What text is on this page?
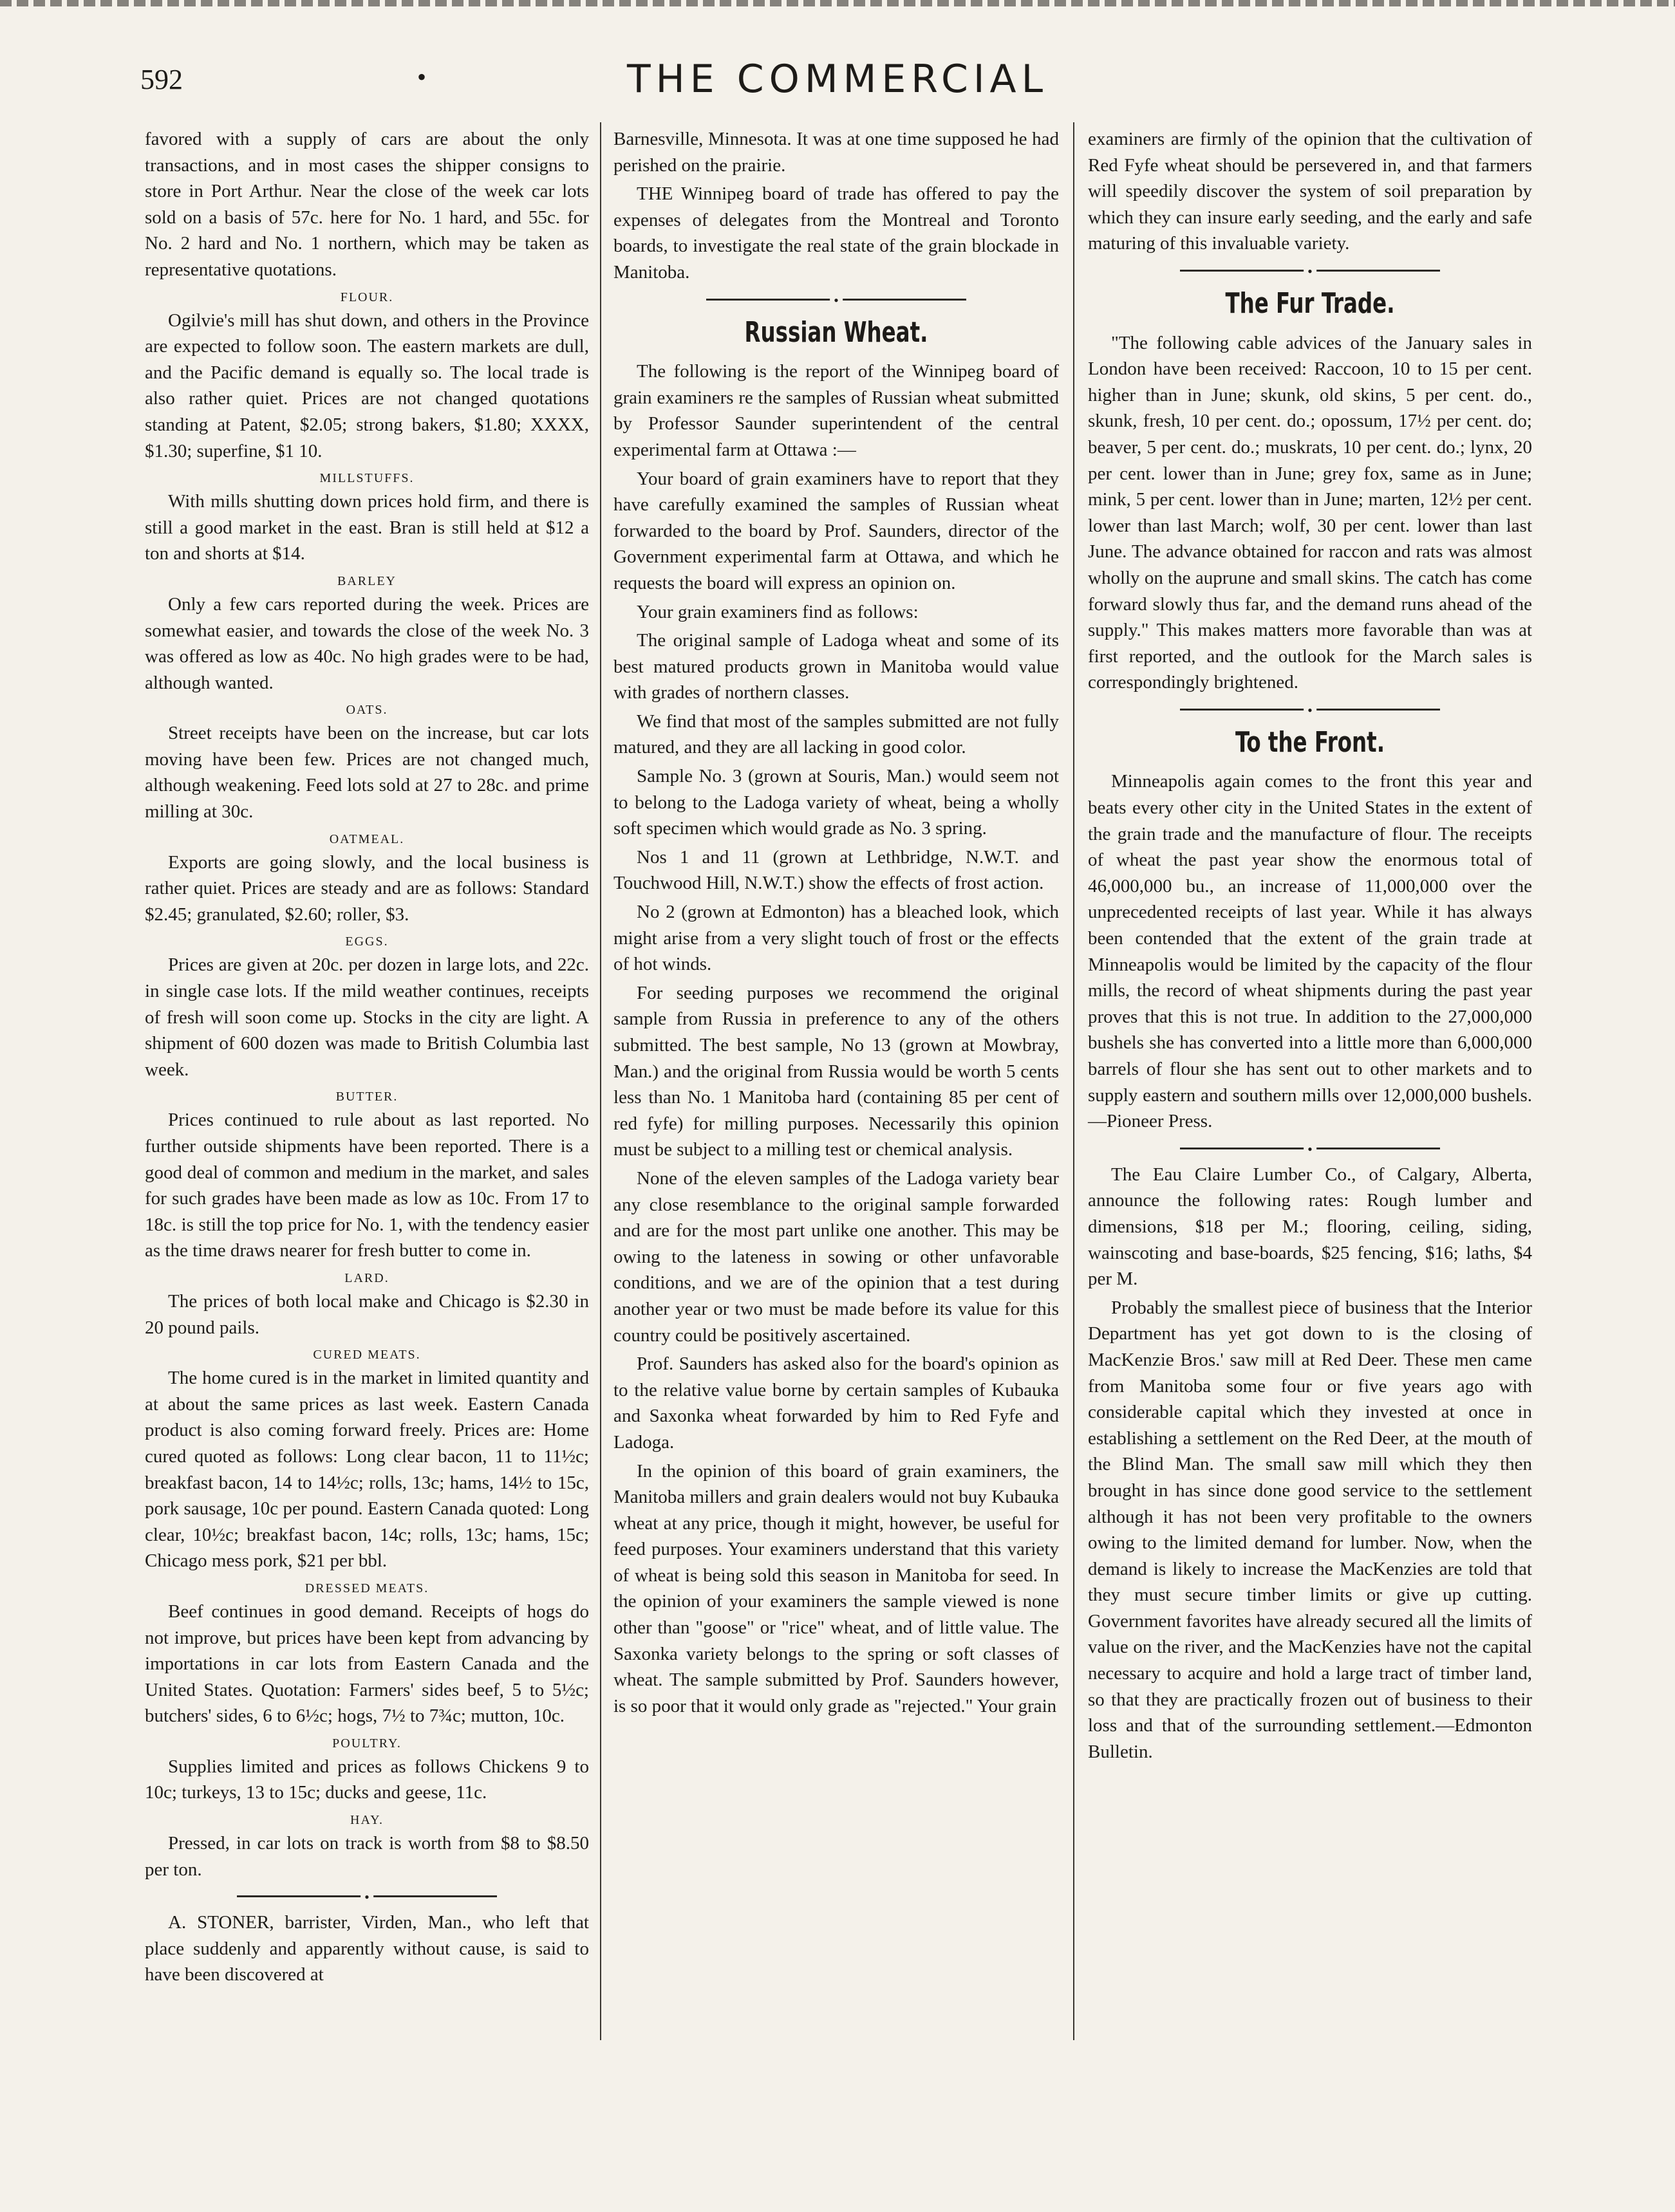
592	•	THE COMMERCIAL

favored with a supply of cars are about the only transactions, and in most cases the shipper consigns to store in Port Arthur. Near the close of the week car lots sold on a basis of 57c. here for No. 1 hard, and 55c. for No. 2 hard and No. 1 northern, which may be taken as representative quotations.

FLOUR.

Ogilvie's mill has shut down, and others in the Province are expected to follow soon. The eastern markets are dull, and the Pacific demand is equally so. The local trade is also rather quiet. Prices are not changed quotations standing at Patent, $2.05; strong bakers, $1.80; XXXX, $1.30; superfine, $1 10.

MILLSTUFFS.

With mills shutting down prices hold firm, and there is still a good market in the east. Bran is still held at $12 a ton and shorts at $14.

BARLEY

Only a few cars reported during the week. Prices are somewhat easier, and towards the close of the week No. 3 was offered as low as 40c. No high grades were to be had, although wanted.

OATS.

Street receipts have been on the increase, but car lots moving have been few. Prices are not changed much, although weakening. Feed lots sold at 27 to 28c. and prime milling at 30c.

OATMEAL.

Exports are going slowly, and the local business is rather quiet. Prices are steady and are as follows: Standard $2.45; granulated, $2.60; roller, $3.

EGGS.

Prices are given at 20c. per dozen in large lots, and 22c. in single case lots. If the mild weather continues, receipts of fresh will soon come up. Stocks in the city are light. A shipment of 600 dozen was made to British Columbia last week.

BUTTER.

Prices continued to rule about as last reported. No further outside shipments have been reported. There is a good deal of common and medium in the market, and sales for such grades have been made as low as 10c. From 17 to 18c. is still the top price for No. 1, with the tendency easier as the time draws nearer for fresh butter to come in.

LARD.

The prices of both local make and Chicago is $2.30 in 20 pound pails.

CURED MEATS.

The home cured is in the market in limited quantity and at about the same prices as last week. Eastern Canada product is also coming forward freely. Prices are: Home cured quoted as follows: Long clear bacon, 11 to 11½c; breakfast bacon, 14 to 14½c; rolls, 13c; hams, 14½ to 15c, pork sausage, 10c per pound. Eastern Canada quoted: Long clear, 10½c; breakfast bacon, 14c; rolls, 13c; hams, 15c; Chicago mess pork, $21 per bbl.

DRESSED MEATS.

Beef continues in good demand. Receipts of hogs do not improve, but prices have been kept from advancing by importations in car lots from Eastern Canada and the United States. Quotation: Farmers' sides beef, 5 to 5½c; butchers' sides, 6 to 6½c; hogs, 7½ to 7¾c; mutton, 10c.

POULTRY.

Supplies limited and prices as follows Chickens 9 to 10c; turkeys, 13 to 15c; ducks and geese, 11c.

HAY.

Pressed, in car lots on track is worth from $8 to $8.50 per ton.

•

A. STONER, barrister, Virden, Man., who left that place suddenly and apparently without cause, is said to have been discovered at

Barnesville, Minnesota. It was at one time supposed he had perished on the prairie.

THE Winnipeg board of trade has offered to pay the expenses of delegates from the Montreal and Toronto boards, to investigate the real state of the grain blockade in Manitoba.

•
Russian Wheat.

The following is the report of the Winnipeg board of grain examiners re the samples of Russian wheat submitted by Professor Saunder superintendent of the central experimental farm at Ottawa :—

Your board of grain examiners have to report that they have carefully examined the samples of Russian wheat forwarded to the board by Prof. Saunders, director of the Government experimental farm at Ottawa, and which he requests the board will express an opinion on.

Your grain examiners find as follows:

The original sample of Ladoga wheat and some of its best matured products grown in Manitoba would value with grades of northern classes.

We find that most of the samples submitted are not fully matured, and they are all lacking in good color.

Sample No. 3 (grown at Souris, Man.) would seem not to belong to the Ladoga variety of wheat, being a wholly soft specimen which would grade as No. 3 spring.

Nos 1 and 11 (grown at Lethbridge, N.W.T. and Touchwood Hill, N.W.T.) show the effects of frost action.

No 2 (grown at Edmonton) has a bleached look, which might arise from a very slight touch of frost or the effects of hot winds.

For seeding purposes we recommend the original sample from Russia in preference to any of the others submitted. The best sample, No 13 (grown at Mowbray, Man.) and the original from Russia would be worth 5 cents less than No. 1 Manitoba hard (containing 85 per cent of red fyfe) for milling purposes. Necessarily this opinion must be subject to a milling test or chemical analysis.

None of the eleven samples of the Ladoga variety bear any close resemblance to the original sample forwarded and are for the most part unlike one another. This may be owing to the lateness in sowing or other unfavorable conditions, and we are of the opinion that a test during another year or two must be made before its value for this country could be positively ascertained.

Prof. Saunders has asked also for the board's opinion as to the relative value borne by certain samples of Kubauka and Saxonka wheat forwarded by him to Red Fyfe and Ladoga.

In the opinion of this board of grain examiners, the Manitoba millers and grain dealers would not buy Kubauka wheat at any price, though it might, however, be useful for feed purposes. Your examiners understand that this variety of wheat is being sold this season in Manitoba for seed. In the opinion of your examiners the sample viewed is none other than "goose" or "rice" wheat, and of little value. The Saxonka variety belongs to the spring or soft classes of wheat. The sample submitted by Prof. Saunders however, is so poor that it would only grade as "rejected." Your grain

examiners are firmly of the opinion that the cultivation of Red Fyfe wheat should be persevered in, and that farmers will speedily discover the system of soil preparation by which they can insure early seeding, and the early and safe maturing of this invaluable variety.

•
The Fur Trade.

"The following cable advices of the January sales in London have been received: Raccoon, 10 to 15 per cent. higher than in June; skunk, old skins, 5 per cent. do., skunk, fresh, 10 per cent. do.; opossum, 17½ per cent. do; beaver, 5 per cent. do.; muskrats, 10 per cent. do.; lynx, 20 per cent. lower than in June; grey fox, same as in June; mink, 5 per cent. lower than in June; marten, 12½ per cent. lower than last March; wolf, 30 per cent. lower than last June. The advance obtained for raccon and rats was almost wholly on the auprune and small skins. The catch has come forward slowly thus far, and the demand runs ahead of the supply." This makes matters more favorable than was at first reported, and the outlook for the March sales is correspondingly brightened.

•
To the Front.

Minneapolis again comes to the front this year and beats every other city in the United States in the extent of the grain trade and the manufacture of flour. The receipts of wheat the past year show the enormous total of 46,000,000 bu., an increase of 11,000,000 over the unprecedented receipts of last year. While it has always been contended that the extent of the grain trade at Minneapolis would be limited by the capacity of the flour mills, the record of wheat shipments during the past year proves that this is not true. In addition to the 27,000,000 bushels she has converted into a little more than 6,000,000 barrels of flour she has sent out to other markets and to supply eastern and southern mills over 12,000,000 bushels.—Pioneer Press.

•

The Eau Claire Lumber Co., of Calgary, Alberta, announce the following rates: Rough lumber and dimensions, $18 per M.; flooring, ceiling, siding, wainscoting and base-boards, $25 fencing, $16; laths, $4 per M.

Probably the smallest piece of business that the Interior Department has yet got down to is the closing of MacKenzie Bros.' saw mill at Red Deer. These men came from Manitoba some four or five years ago with considerable capital which they invested at once in establishing a settlement on the Red Deer, at the mouth of the Blind Man. The small saw mill which they then brought in has since done good service to the settlement although it has not been very profitable to the owners owing to the limited demand for lumber. Now, when the demand is likely to increase the MacKenzies are told that they must secure timber limits or give up cutting. Government favorites have already secured all the limits of value on the river, and the MacKenzies have not the capital necessary to acquire and hold a large tract of timber land, so that they are practically frozen out of business to their loss and that of the surrounding settlement.—Edmonton Bulletin.
